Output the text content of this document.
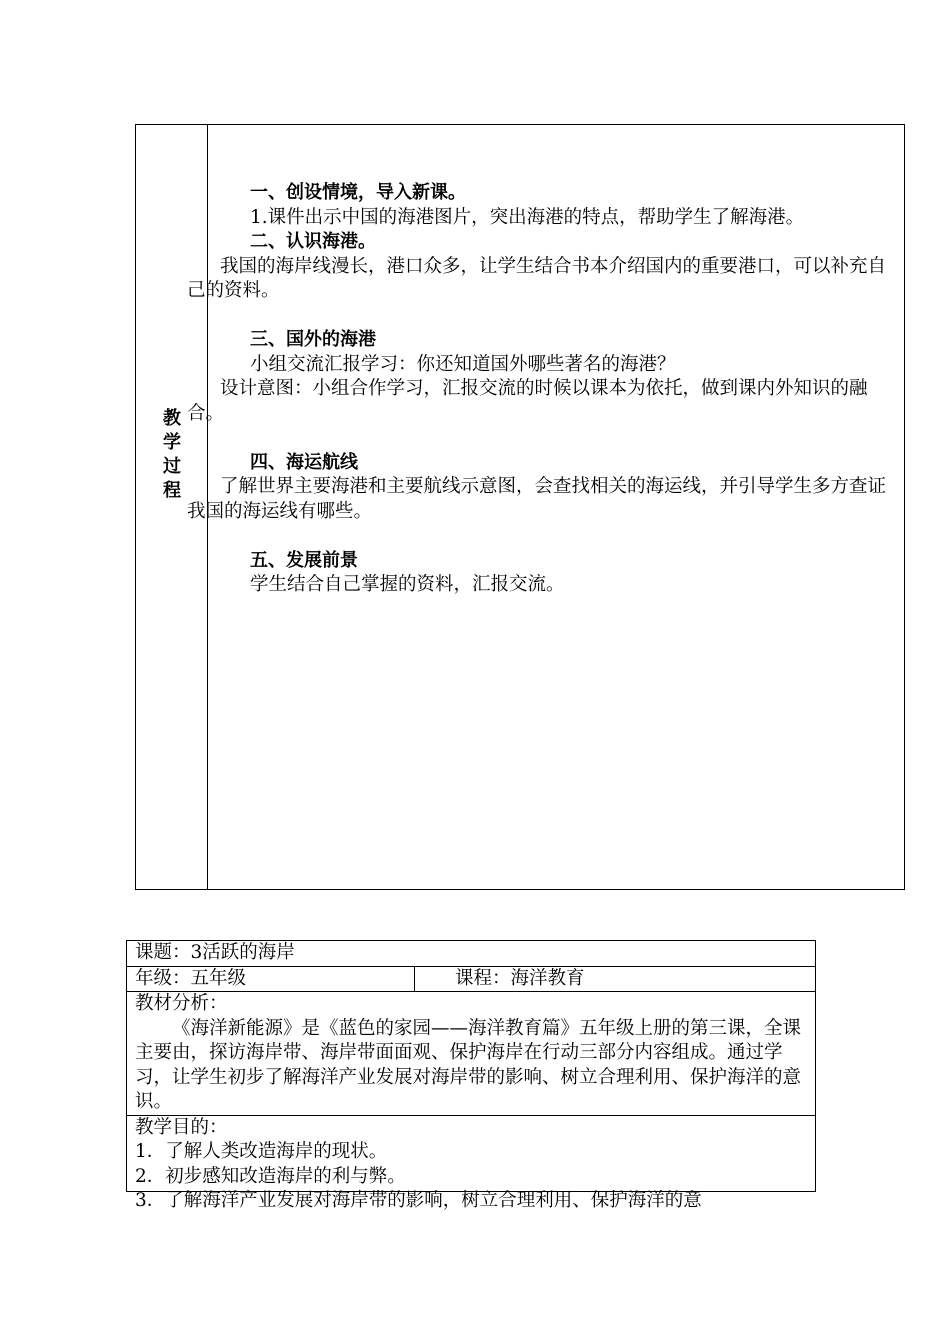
教
学
过
程

一、创设情境，导入新课。

1.课件出示中国的海港图片，突出海港的特点，帮助学生了解海港。

二、认识海港。

我国的海岸线漫长，港口众多，让学生结合书本介绍国内的重要港口，可以补充自己的资料。

三、国外的海港

小组交流汇报学习：你还知道国外哪些著名的海港？

设计意图：小组合作学习，汇报交流的时候以课本为依托，做到课内外知识的融合。

四、海运航线

了解世界主要海港和主要航线示意图，会查找相关的海运线，并引导学生多方查证我国的海运线有哪些。

五、发展前景

学生结合自己掌握的资料，汇报交流。

课题：3活跃的海岸
年级：五年级	课程：海洋教育
教材分析：
《海洋新能源》是《蓝色的家园——海洋教育篇》五年级上册的第三课，全课主要由，探访海岸带、海岸带面面观、保护海岸在行动三部分内容组成。通过学习，让学生初步了解海洋产业发展对海岸带的影响、树立合理利用、保护海洋的意识。
教学目的：
1．了解人类改造海岸的现状。
2．初步感知改造海岸的利与弊。
3．了解海洋产业发展对海岸带的影响，树立合理利用、保护海洋的意
